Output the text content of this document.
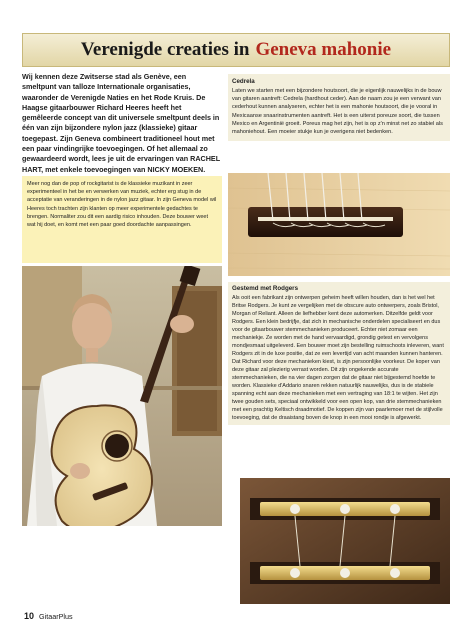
Verenigde creaties in Geneva mahonie
Wij kennen deze Zwitserse stad als Genève, een smeltpunt van talloze Internationale organisaties, waaronder de Verenigde Naties en het Rode Kruis. De Haagse gitaarbouwer Richard Heeres heeft het gemêleerde concept van dit universele smeltpunt deels in één van zijn bijzondere nylon jazz (klassieke) gitaar toegepast. Zijn Geneva combineert traditioneel hout met een paar vindingrijke toevoegingen. Of het allemaal zo gewaardeerd wordt, lees je uit de ervaringen van RACHEL HART, met enkele toevoegingen van NICKY MOEKEN.
Cedrela

Laten we starten met een bijzondere houtsoort, die je eigenlijk nauwelijks in de bouw van gitaren aantreft: Cedrela (hardhout ceder). Aan de naam zou je een verwant van cederhout kunnen analyseren, echter het is een mahonie houtsoort, die je vooral in Mexicaanse snaarinstrumenten aantreft. Het is een uiterst poreuze soort, die tussen Mexico en Argentinië groeit. Poreus mag het zijn, het is op z'n minst net zo stabiel als mahoniehout. Een moeier stukje kun je overigens niet bedenken.

Meer nog dan de pop of rockgitarist is de klassieke muzikant in zeer experimenteel in het be en verwerken van muziek, echter erg stug in de acceptatie van veranderingen in de nylon jazz gitaar. In zijn Geneva model wil Heeres toch trachten zijn klanten op meer experimentele gedachtes te brengen. Normaliter zou dit een aardig risico inhouden. Deze bouwer weet wat hij doet, en komt met een paar goed doordachte aanpassingen.
Gestemd met Rodgers

Als ooit een fabrikant zijn ontwerpen geheim heeft willen houden, dan is het wel het Britse Rodgers. Je kunt ze vergelijken met de obscure auto ontwerpers, zoals Bristol, Morgan of Reliant. Alleen de liefhebber kent deze automerken. Ditzelfde geldt voor Rodgers. Een klein bedrijfje, dat zich in mechanische onderdelen specialiseert en dus voor de gitaarbouwer stemmechanieken produceert. Echter niet zomaar een mechaniekje. Ze worden met de hand vervaardigd, grondig getest en vervolgens mondjesmaat uitgeleverd. Een bouwer moet zijn bestelling ruimschoots inleveren, want Rodgers zit in de luxe positie, dat ze een levertijd van acht maanden kunnen hanteren. Dat Richard voor deze mechanieken kiest, is zijn persoonlijke voorkeur. De koper van deze gitaar zal plezierig verrast worden. Dit zijn ongekende accurate stemmechanieken, die na vier dagen zorgen dat de gitaar niet bijgestemd hoefde te worden. Klassieke d'Addario snaren rekken natuurlijk nauwelijks, dus is de stabiele spanning echt aan deze mechanieken met een vertraging van 18:1 te wijten. Het zijn twee gouden sets, speciaal ontwikkeld voor een open kop, van drie stemmechanieken met een prachtig Keltisch draadmotief. De koppen zijn van paarlemoer met de stijlvolle toevoeging, dat de draaistang boven de knop in een mooi rondje is afgewerkt.

10 GitaarPlus
